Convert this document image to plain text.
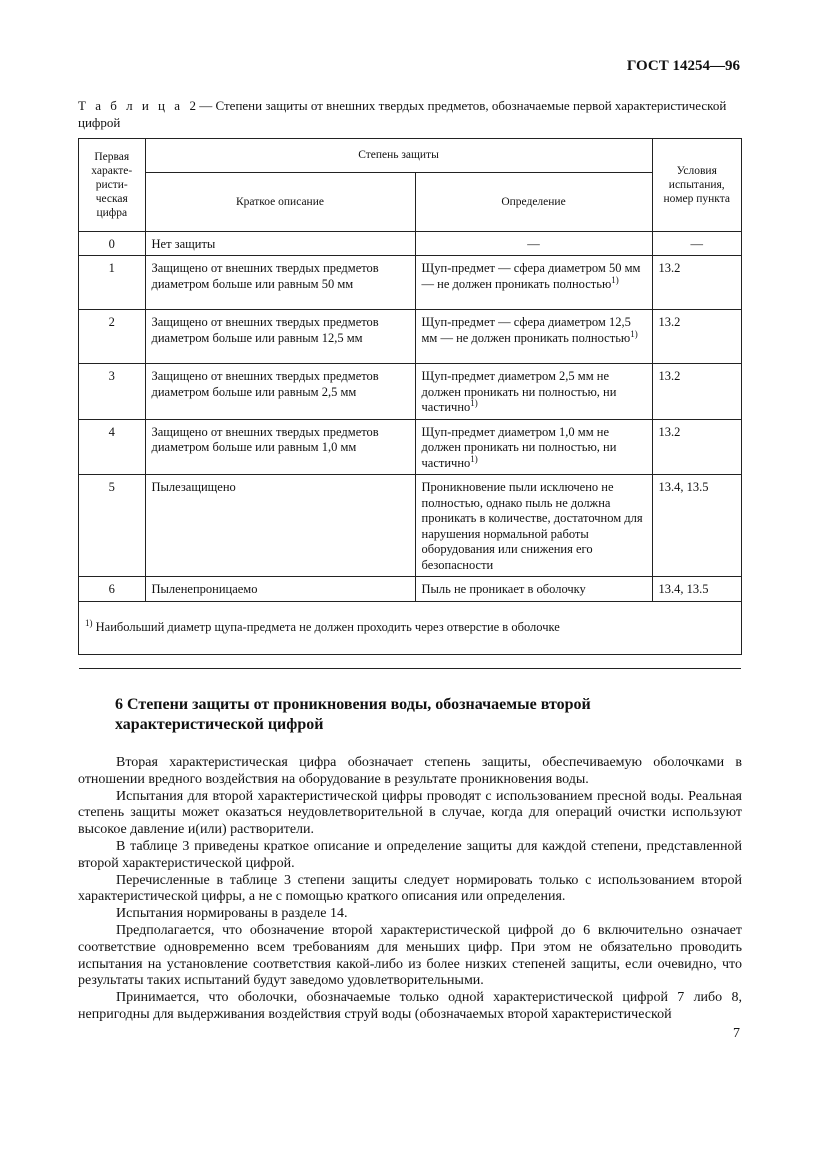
ГОСТ 14254—96
Т а б л и ц а 2 — Степени защиты от внешних твердых предметов, обозначаемые первой характеристической цифрой
Первая характеристическая цифра	Степень защиты		Условия испытания, номер пункта
	Краткое описание	Определение	
0	Нет защиты	—	—
1	Защищено от внешних твердых предметов диаметром больше или равным 50 мм	Щуп-предмет — сфера диаметром 50 мм — не должен проникать полностью$^{1)}$	13.2
2	Защищено от внешних твердых предметов диаметром больше или равным 12,5 мм	Щуп-предмет — сфера диаметром 12,5 мм — не должен проникать полностью$^{1)}$	13.2
3	Защищено от внешних твердых предметов диаметром больше или равным 2,5 мм	Щуп-предмет диаметром 2,5 мм не должен проникать ни полностью, ни частично$^{1)}$	13.2
4	Защищено от внешних твердых предметов диаметром больше или равным 1,0 мм	Щуп-предмет диаметром 1,0 мм не должен проникать ни полностью, ни частично$^{1)}$	13.2
5	Пылезащищено	Проникновение пыли исключено не полностью, однако пыль не должна проникать в количестве, достаточном для нарушения нормальной работы оборудования или снижения его безопасности	13.4, 13.5
6	Пыленепроницаемо	Пыль не проникает в оболочку	13.4, 13.5
$^{1)}$ Наибольший диаметр щупа-предмета не должен проходить через отверстие в оболочке			
6 Степени защиты от проникновения воды, обозначаемые второй характеристической цифрой

Вторая характеристическая цифра обозначает степень защиты, обеспечиваемую оболочками в отношении вредного воздействия на оборудование в результате проникновения воды.

Испытания для второй характеристической цифры проводят с использованием пресной воды. Реальная степень защиты может оказаться неудовлетворительной в случае, когда для операций очистки используют высокое давление и(или) растворители.

В таблице 3 приведены краткое описание и определение защиты для каждой степени, представленной второй характеристической цифрой.

Перечисленные в таблице 3 степени защиты следует нормировать только с использованием второй характеристической цифры, а не с помощью краткого описания или определения.

Испытания нормированы в разделе 14.

Предполагается, что обозначение второй характеристической цифрой до 6 включительно означает соответствие одновременно всем требованиям для меньших цифр. При этом не обязательно проводить испытания на установление соответствия какой-либо из более низких степеней защиты, если очевидно, что результаты таких испытаний будут заведомо удовлетворительными.

Принимается, что оболочки, обозначаемые только одной характеристической цифрой 7 либо 8, непригодны для выдерживания воздействия струй воды (обозначаемых второй характеристической

7
